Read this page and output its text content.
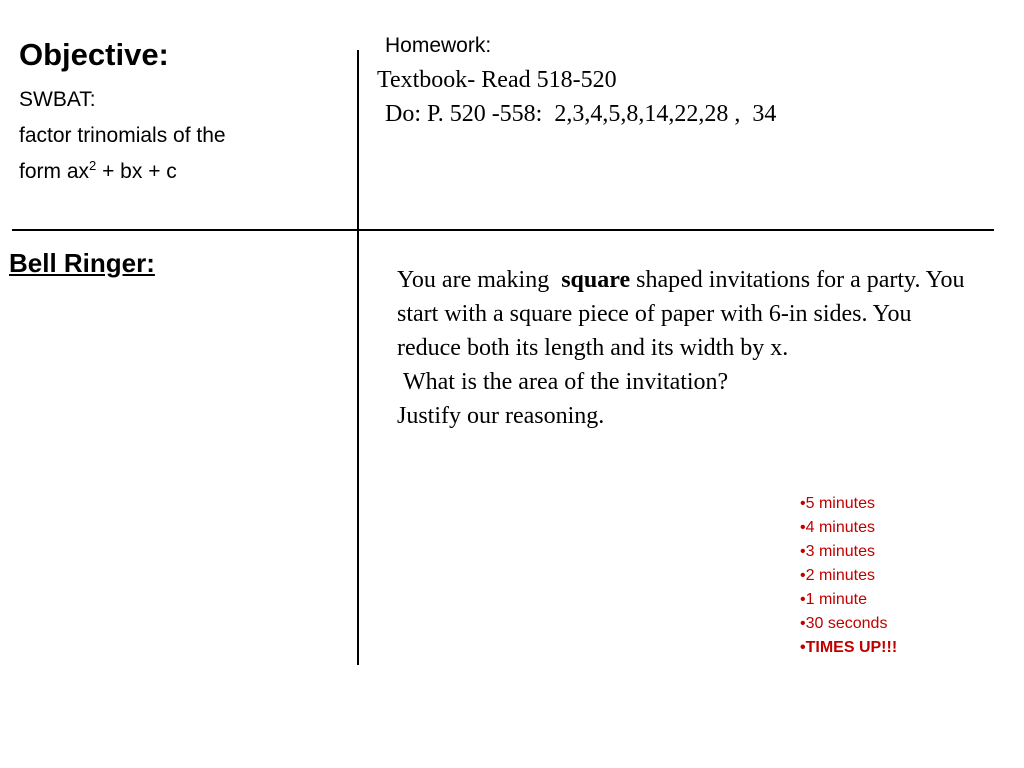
Objective:
SWBAT:
factor trinomials of the
form $ax^2$ + bx + c
Homework:
Textbook- Read 518-520
Do: P. 520 -558:  2,3,4,5,8,14,22,28 ,  34
Bell Ringer:

You are making  square shaped invitations for a party. You start with a square piece of paper with 6-in sides. You reduce both its length and its width by x.

What is the area of the invitation?

Justify our reasoning.

•5 minutes
•4 minutes
•3 minutes
•2 minutes
•1 minute
•30 seconds
•TIMES UP!!!
